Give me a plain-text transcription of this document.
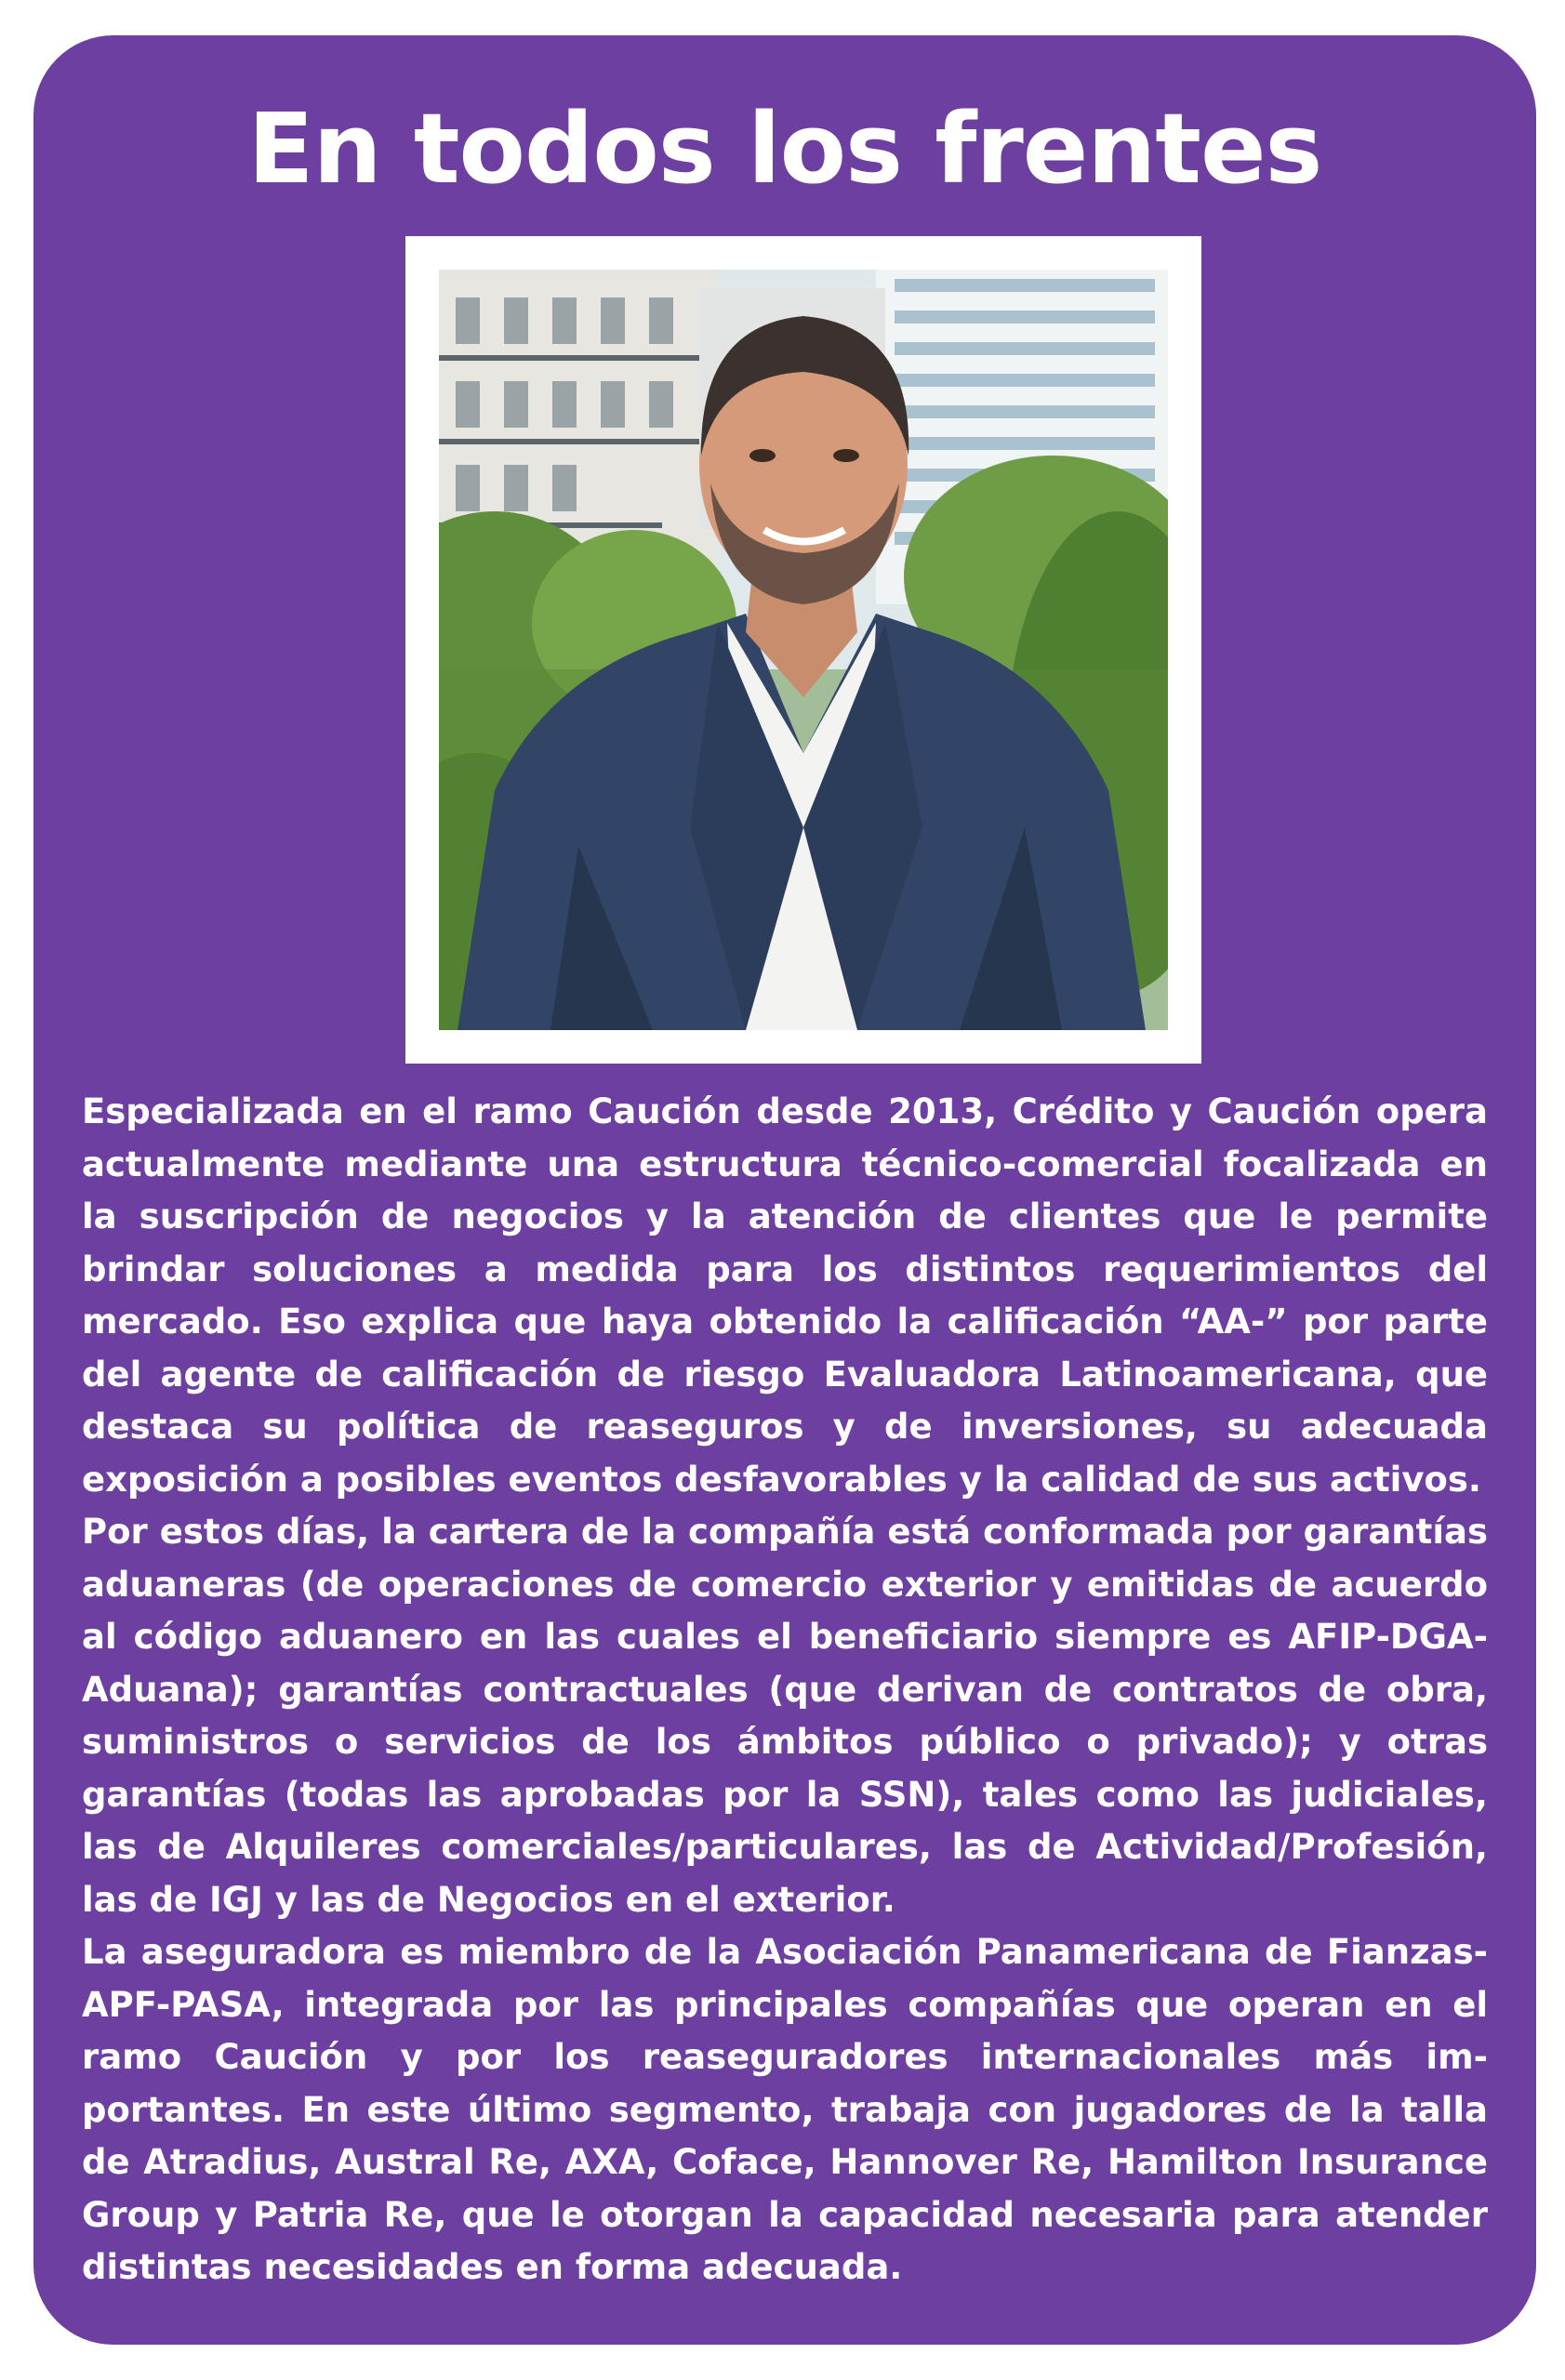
En todos los frentes

Especializada en el ramo Caución desde 2013, Crédito y Caución opera actualmente mediante una estructura técnico-comercial focalizada en la suscripción de negocios y la atención de clientes que le permite brindar soluciones a medida para los distintos requerimientos del mercado. Eso explica que haya obtenido la calificación “AA-” por parte del agente de calificación de riesgo Evaluadora Latinoamericana, que destaca su política de reaseguros y de inversiones, su adecuada exposición a posibles eventos desfavorables y la calidad de sus activos.

Por estos días, la cartera de la compañía está conformada por garantías aduaneras (de operaciones de comercio exterior y emitidas de acuerdo al código aduanero en las cuales el beneficiario siempre es AFIP-DGA-Aduana); garantías contractuales (que derivan de contratos de obra, suministros o servicios de los ámbitos público o privado); y otras garantías (todas las aprobadas por la SSN), tales como las judiciales, las de Alquileres comerciales/particulares, las de Actividad/Profesión, las de IGJ y las de Negocios en el exterior.

La aseguradora es miembro de la Asociación Panamericana de Fianzas-APF-PASA, integrada por las principales compañías que operan en el ramo Caución y por los reaseguradores internacionales más importantes. En este último segmento, trabaja con jugadores de la talla de Atradius, Austral Re, AXA, Coface, Hannover Re, Hamilton Insurance Group y Patria Re, que le otorgan la capacidad necesaria para atender distintas necesidades en forma adecuada.
